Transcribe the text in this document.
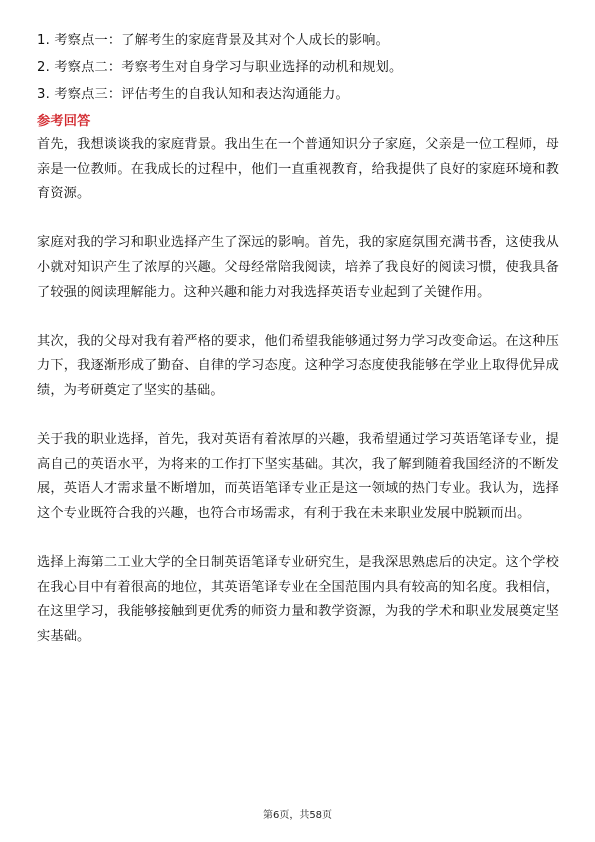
1. 考察点一：了解考生的家庭背景及其对个人成长的影响。
2. 考察点二：考察考生对自身学习与职业选择的动机和规划。
3. 考察点三：评估考生的自我认知和表达沟通能力。
参考回答

首先，我想谈谈我的家庭背景。我出生在一个普通知识分子家庭，父亲是一位工程师，母亲是一位教师。在我成长的过程中，他们一直重视教育，给我提供了良好的家庭环境和教育资源。

家庭对我的学习和职业选择产生了深远的影响。首先，我的家庭氛围充满书香，这使我从小就对知识产生了浓厚的兴趣。父母经常陪我阅读，培养了我良好的阅读习惯，使我具备了较强的阅读理解能力。这种兴趣和能力对我选择英语专业起到了关键作用。

其次，我的父母对我有着严格的要求，他们希望我能够通过努力学习改变命运。在这种压力下，我逐渐形成了勤奋、自律的学习态度。这种学习态度使我能够在学业上取得优异成绩，为考研奠定了坚实的基础。

关于我的职业选择，首先，我对英语有着浓厚的兴趣，我希望通过学习英语笔译专业，提高自己的英语水平，为将来的工作打下坚实基础。其次，我了解到随着我国经济的不断发展，英语人才需求量不断增加，而英语笔译专业正是这一领域的热门专业。我认为，选择这个专业既符合我的兴趣，也符合市场需求，有利于我在未来职业发展中脱颖而出。

选择上海第二工业大学的全日制英语笔译专业研究生，是我深思熟虑后的决定。这个学校在我心目中有着很高的地位，其英语笔译专业在全国范围内具有较高的知名度。我相信，在这里学习，我能够接触到更优秀的师资力量和教学资源，为我的学术和职业发展奠定坚实基础。

第6页，共58页
